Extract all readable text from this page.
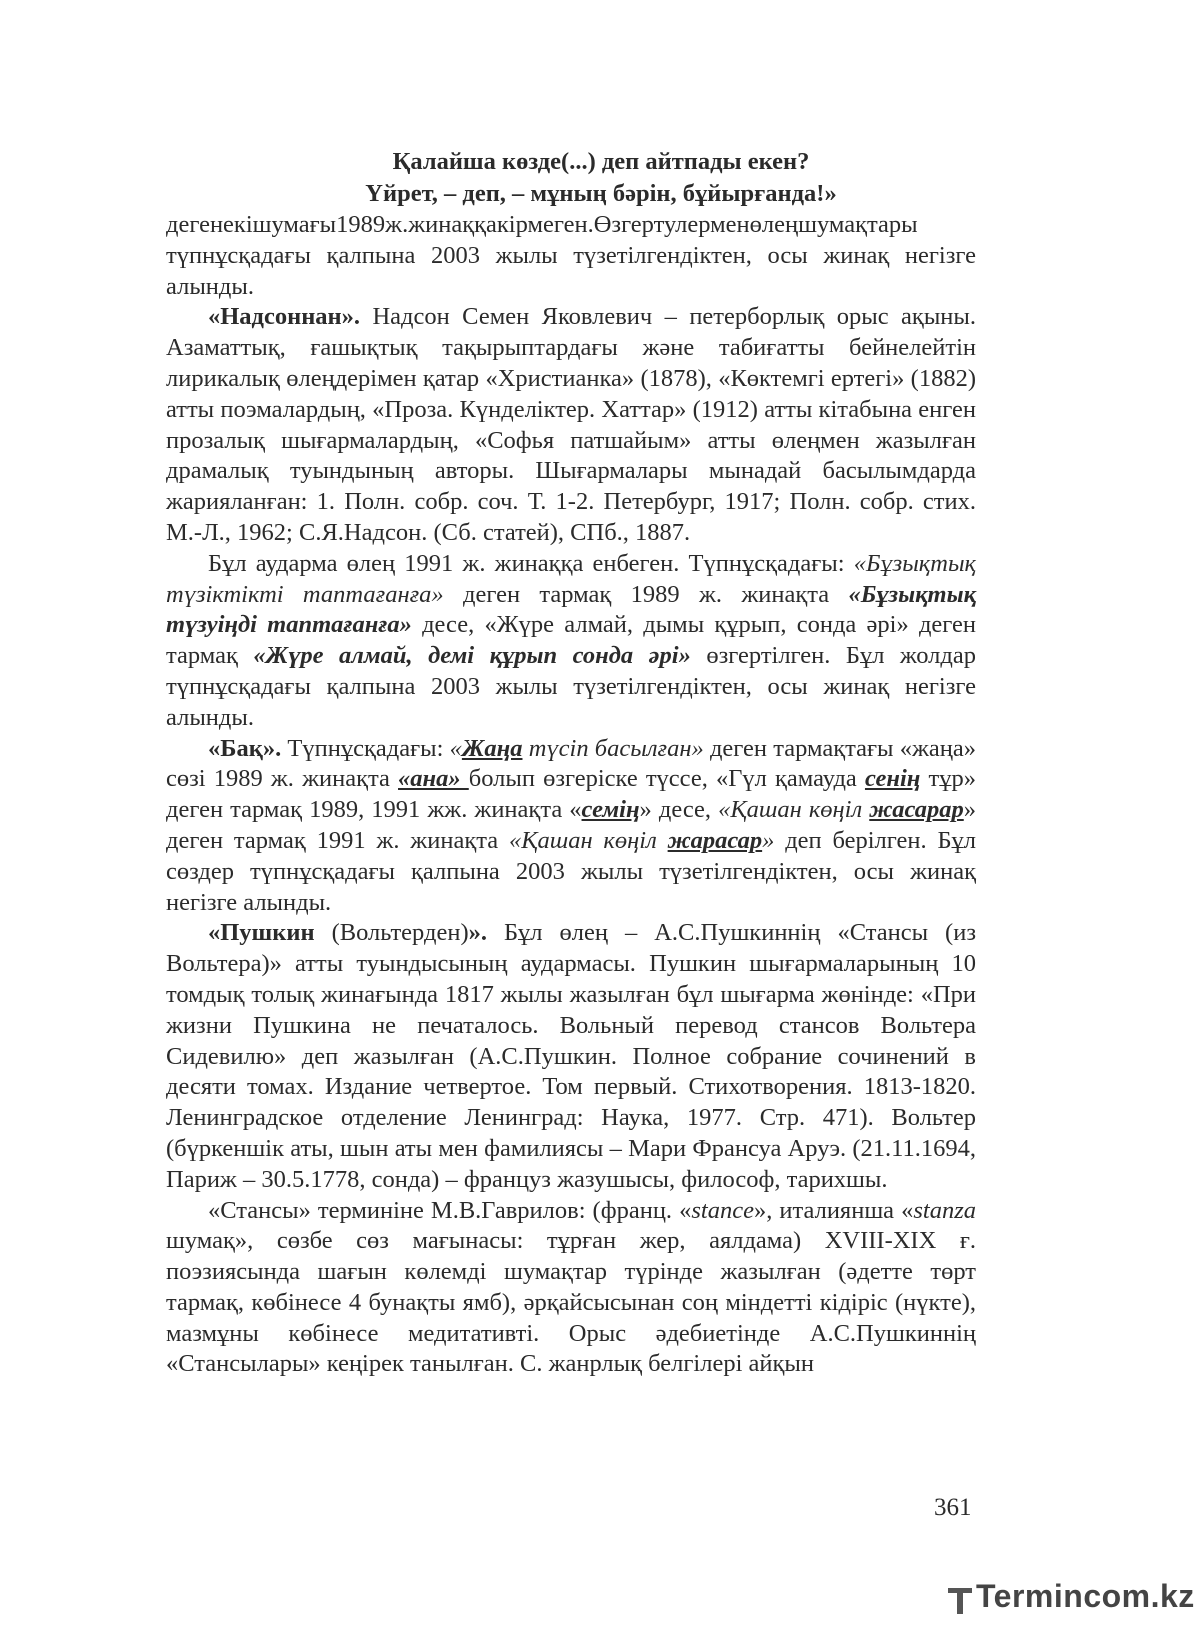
Қалайша көзде(...) деп айтпады екен?
Үйрет, – деп, – мұның бәрін, бұйырғанда!»

дегенекішумағы1989ж.жинаққакірмеген.Өзгертулерменөлеңшумақтары түпнұсқадағы қалпына 2003 жылы түзетілгендіктен, осы жинақ негізге алынды.

«Надсоннан». Надсон Семен Яковлевич – петерборлық орыс ақыны. Азаматтық, ғашықтық тақырыптардағы және табиғатты бейнелейтін лирикалық өлеңдерімен қатар «Христианка» (1878), «Көктемгі ертегі» (1882) атты поэмалардың, «Проза. Күнделіктер. Хаттар» (1912) атты кітабына енген прозалық шығармалардың, «Софья патшайым» атты өлеңмен жазылған драмалық туындының авторы. Шығармалары мынадай басылымдарда жарияланған: 1. Полн. собр. соч. Т. 1-2. Петербург, 1917; Полн. собр. стих. М.-Л., 1962; С.Я.Надсон. (Сб. статей), СПб., 1887.

Бұл аударма өлең 1991 ж. жинаққа енбеген. Түпнұсқадағы: «Бұзықтық түзіктікті таптағанға» деген тармақ 1989 ж. жинақта «Бұзықтық түзуіңді таптағанға» десе, «Жүре алмай, дымы құрып, сонда әрі» деген тармақ «Жүре алмай, демі құрып сонда әрі» өзгертілген. Бұл жолдар түпнұсқадағы қалпына 2003 жылы түзетілгендіктен, осы жинақ негізге алынды.

«Бақ». Түпнұсқадағы: «Жаңа түсіп басылған» деген тармақтағы «жаңа» сөзі 1989 ж. жинақта «ана» болып өзгеріске түссе, «Гүл қамауда сенің тұр» деген тармақ 1989, 1991 жж. жинақта «семің» десе, «Қашан көңіл жасарар» деген тармақ 1991 ж. жинақта «Қашан көңіл жарасар» деп берілген. Бұл сөздер түпнұсқадағы қалпына 2003 жылы түзетілгендіктен, осы жинақ негізге алынды.

«Пушкин (Вольтерден)». Бұл өлең – А.С.Пушкиннің «Стансы (из Вольтера)» атты туындысының аудармасы. Пушкин шығармаларының 10 томдық толық жинағында 1817 жылы жазылған бұл шығарма жөнінде: «При жизни Пушкина не печаталось. Вольный перевод стансов Вольтера Сидевилю» деп жазылған (А.С.Пушкин. Полное собрание сочинений в десяти томах. Издание четвертое. Том первый. Стихотворения. 1813-1820. Ленинградское отделение Ленинград: Наука, 1977. Стр. 471). Вольтер (бүркеншік аты, шын аты мен фамилиясы – Мари Франсуа Аруэ. (21.11.1694, Париж – 30.5.1778, сонда) – француз жазушысы, философ, тарихшы.

«Стансы» терминіне М.В.Гаврилов: (франц. «stance», италиянша «stanza шумақ», сөзбе сөз мағынасы: тұрған жер, аялдама) XVIII-XIX ғ. поэзиясында шағын көлемді шумақтар түрінде жазылған (әдетте төрт тармақ, көбінесе 4 бунақты ямб), әрқайсысынан соң міндетті кідіріс (нүкте), мазмұны көбінесе медитативті. Орыс әдебиетінде А.С.Пушкиннің «Стансылары» кеңірек танылған. С. жанрлық белгілері айқын

361
Termincom.kz
